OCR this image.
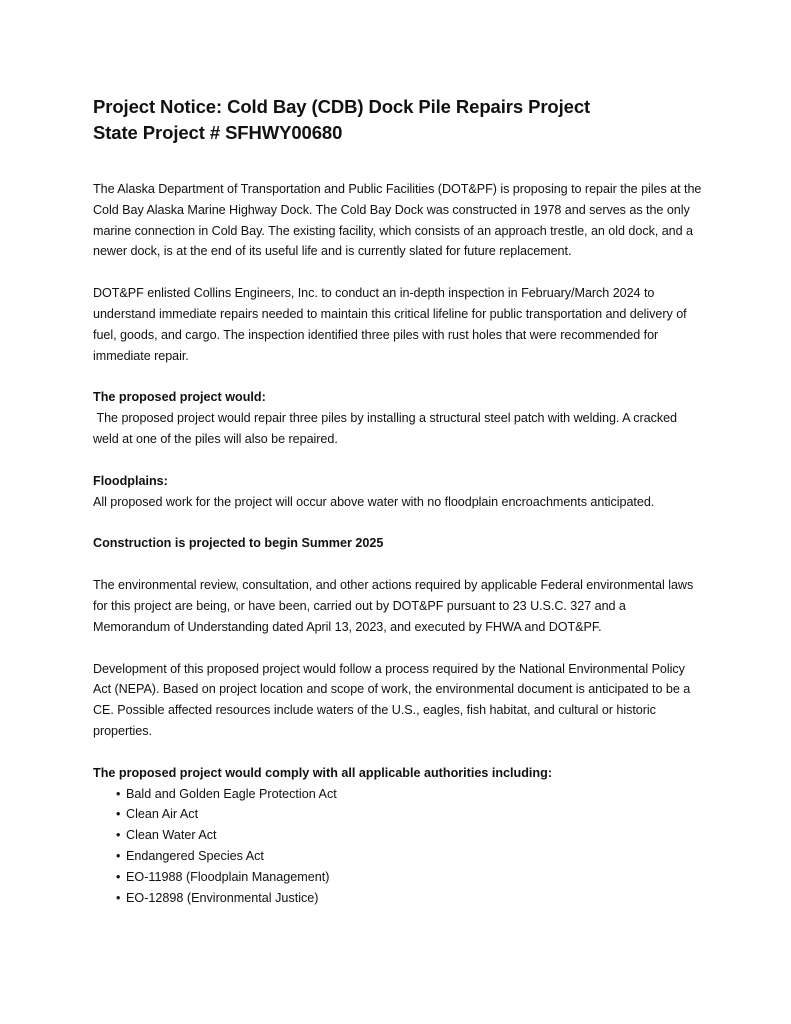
Project Notice: Cold Bay (CDB) Dock Pile Repairs Project
State Project # SFHWY00680

The Alaska Department of Transportation and Public Facilities (DOT&PF) is proposing to repair the piles at the Cold Bay Alaska Marine Highway Dock. The Cold Bay Dock was constructed in 1978 and serves as the only marine connection in Cold Bay. The existing facility, which consists of an approach trestle, an old dock, and a newer dock, is at the end of its useful life and is currently slated for future replacement.

DOT&PF enlisted Collins Engineers, Inc. to conduct an in-depth inspection in February/March 2024 to understand immediate repairs needed to maintain this critical lifeline for public transportation and delivery of fuel, goods, and cargo. The inspection identified three piles with rust holes that were recommended for immediate repair.

The proposed project would:

The proposed project would repair three piles by installing a structural steel patch with welding. A cracked weld at one of the piles will also be repaired.

Floodplains:

All proposed work for the project will occur above water with no floodplain encroachments anticipated.

Construction is projected to begin Summer 2025

The environmental review, consultation, and other actions required by applicable Federal environmental laws for this project are being, or have been, carried out by DOT&PF pursuant to 23 U.S.C. 327 and a Memorandum of Understanding dated April 13, 2023, and executed by FHWA and DOT&PF.

Development of this proposed project would follow a process required by the National Environmental Policy Act (NEPA). Based on project location and scope of work, the environmental document is anticipated to be a CE. Possible affected resources include waters of the U.S., eagles, fish habitat, and cultural or historic properties.

The proposed project would comply with all applicable authorities including:

• Bald and Golden Eagle Protection Act
• Clean Air Act
• Clean Water Act
• Endangered Species Act
• EO-11988 (Floodplain Management)
• EO-12898 (Environmental Justice)
